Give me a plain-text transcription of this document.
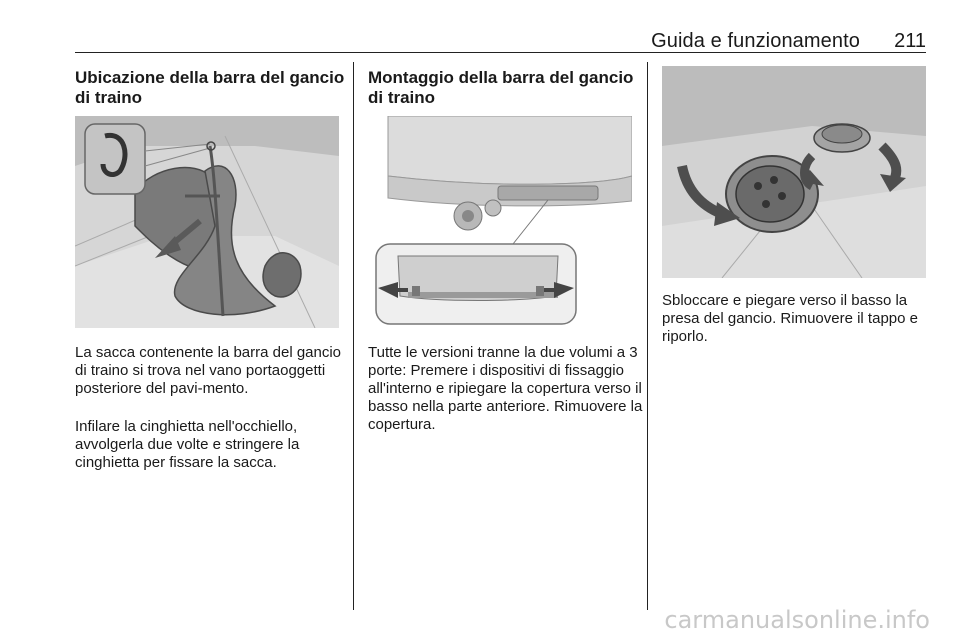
Guida e funzionamento	211
Ubicazione della barra del gancio di traino

La sacca contenente la barra del gancio di traino si trova nel vano portaoggetti posteriore del pavi-mento.

Infilare la cinghietta nell'occhiello, avvolgerla due volte e stringere la cinghietta per fissare la sacca.

Montaggio della barra del gancio di traino

Tutte le versioni tranne la due volumi a 3 porte: Premere i dispositivi di fissaggio all'interno e ripiegare la copertura verso il basso nella parte anteriore. Rimuovere la copertura.

Sbloccare e piegare verso il basso la presa del gancio. Rimuovere il tappo e riporlo.

carmanualsonline.info
